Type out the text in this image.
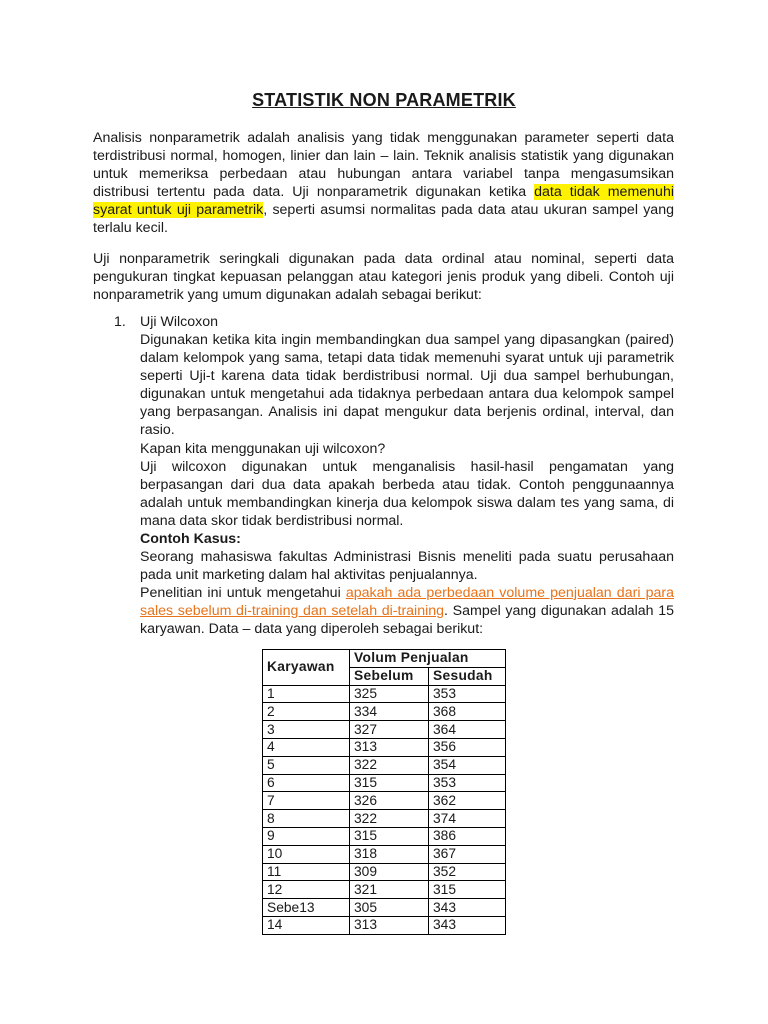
STATISTIK NON PARAMETRIK

Analisis nonparametrik adalah analisis yang tidak menggunakan parameter seperti data terdistribusi normal, homogen, linier dan lain – lain. Teknik analisis statistik yang digunakan untuk memeriksa perbedaan atau hubungan antara variabel tanpa mengasumsikan distribusi tertentu pada data. Uji nonparametrik digunakan ketika data tidak memenuhi syarat untuk uji parametrik, seperti asumsi normalitas pada data atau ukuran sampel yang terlalu kecil.

Uji nonparametrik seringkali digunakan pada data ordinal atau nominal, seperti data pengukuran tingkat kepuasan pelanggan atau kategori jenis produk yang dibeli. Contoh uji nonparametrik yang umum digunakan adalah sebagai berikut:

1. Uji Wilcoxon

Digunakan ketika kita ingin membandingkan dua sampel yang dipasangkan (paired) dalam kelompok yang sama, tetapi data tidak memenuhi syarat untuk uji parametrik seperti Uji-t karena data tidak berdistribusi normal. Uji dua sampel berhubungan, digunakan untuk mengetahui ada tidaknya perbedaan antara dua kelompok sampel yang berpasangan. Analisis ini dapat mengukur data berjenis ordinal, interval, dan rasio.

Kapan kita menggunakan uji wilcoxon?

Uji wilcoxon digunakan untuk menganalisis hasil-hasil pengamatan yang berpasangan dari dua data apakah berbeda atau tidak. Contoh penggunaannya adalah untuk membandingkan kinerja dua kelompok siswa dalam tes yang sama, di mana data skor tidak berdistribusi normal.

Contoh Kasus:

Seorang mahasiswa fakultas Administrasi Bisnis meneliti pada suatu perusahaan pada unit marketing dalam hal aktivitas penjualannya.

Penelitian ini untuk mengetahui apakah ada perbedaan volume penjualan dari para sales sebelum di-training dan setelah di-training. Sampel yang digunakan adalah 15 karyawan. Data – data yang diperoleh sebagai berikut:

Karyawan	Volum Penjualan	
	Sebelum	Sesudah
1	325	353
2	334	368
3	327	364
4	313	356
5	322	354
6	315	353
7	326	362
8	322	374
9	315	386
10	318	367
11	309	352
12	321	315
Sebe13	305	343
14	313	343
